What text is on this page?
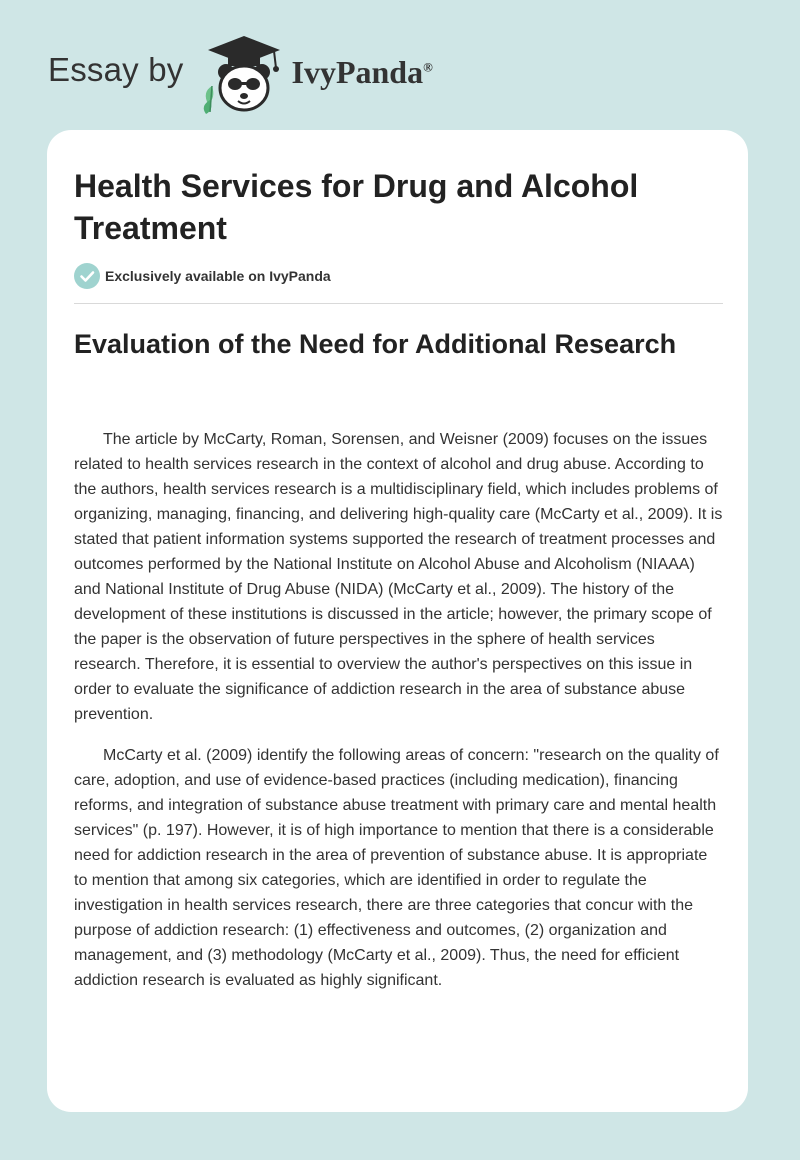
Essay by	IvyPanda®
Health Services for Drug and Alcohol Treatment
Exclusively available on IvyPanda
Evaluation of the Need for Additional Research

The article by McCarty, Roman, Sorensen, and Weisner (2009) focuses on the issues related to health services research in the context of alcohol and drug abuse. According to the authors, health services research is a multidisciplinary field, which includes problems of organizing, managing, financing, and delivering high-quality care (McCarty et al., 2009). It is stated that patient information systems supported the research of treatment processes and outcomes performed by the National Institute on Alcohol Abuse and Alcoholism (NIAAA) and National Institute of Drug Abuse (NIDA) (McCarty et al., 2009). The history of the development of these institutions is discussed in the article; however, the primary scope of the paper is the observation of future perspectives in the sphere of health services research. Therefore, it is essential to overview the author's perspectives on this issue in order to evaluate the significance of addiction research in the area of substance abuse prevention.

McCarty et al. (2009) identify the following areas of concern: "research on the quality of care, adoption, and use of evidence-based practices (including medication), financing reforms, and integration of substance abuse treatment with primary care and mental health services" (p. 197). However, it is of high importance to mention that there is a considerable need for addiction research in the area of prevention of substance abuse. It is appropriate to mention that among six categories, which are identified in order to regulate the investigation in health services research, there are three categories that concur with the purpose of addiction research: (1) effectiveness and outcomes, (2) organization and management, and (3) methodology (McCarty et al., 2009). Thus, the need for efficient addiction research is evaluated as highly significant.
